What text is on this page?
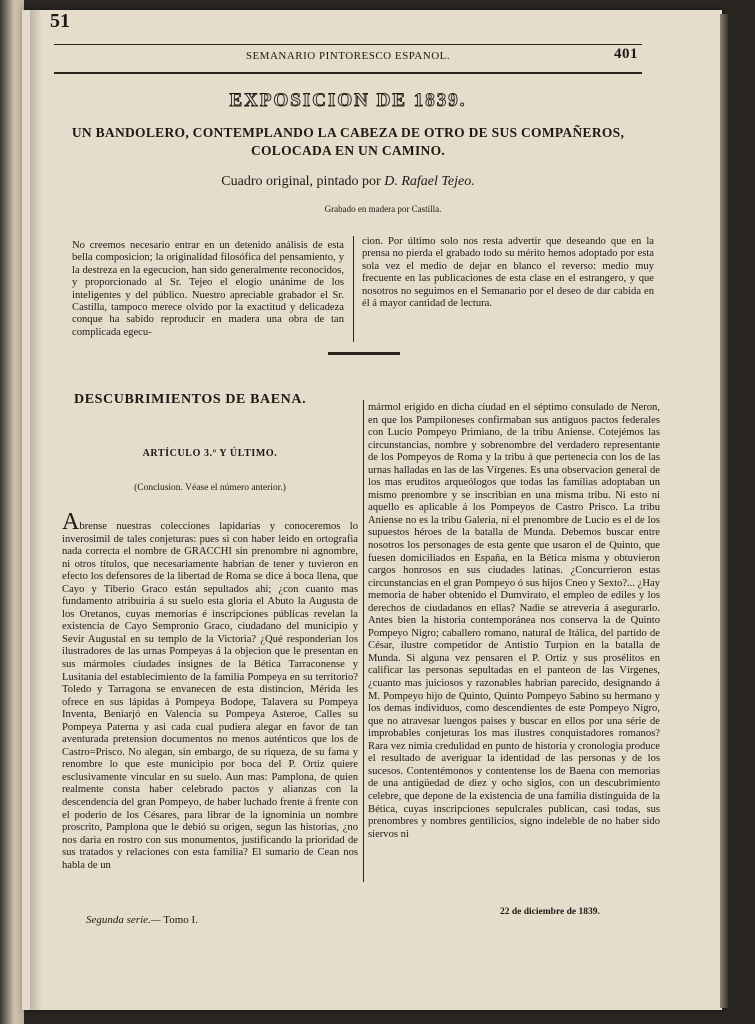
51
SEMANARIO PINTORESCO ESPANOL.	401
EXPOSICION DE 1839.
UN BANDOLERO, CONTEMPLANDO LA CABEZA DE OTRO DE SUS COMPAÑEROS,
COLOCADA EN UN CAMINO.
Cuadro original, pintado por D. Rafael Tejeo.
Grabado en madera por Castilla.
No creemos necesario entrar en un detenido análisis de esta bella composicion; la originalidad filosófica del pensamiento, y la destreza en la egecucion, han sido generalmente reconocidos, y proporcionado al Sr. Tejeo el elogio unánime de los inteligentes y del público. Nuestro apreciable grabador el Sr. Castilla, tampoco merece olvido por la exactitud y delicadeza conque ha sabido reproducir en madera una obra de tan complicada egecu-
cion. Por último solo nos resta advertir que deseando que en la prensa no pierda el grabado todo su mérito hemos adoptado por esta sola vez el medio de dejar en blanco el reverso: medio muy frecuente en las publicaciones de esta clase en el estrangero, y que nosotros no seguimos en el Semanario por el deseo de dar cabida en él á mayor cantidad de lectura.
DESCUBRIMIENTOS DE BAENA.
ARTÍCULO 3.º Y ÚLTIMO.
(Conclusion. Véase el número anterior.)
Abrense nuestras colecciones lapidarias y conoceremos lo inverosimil de tales conjeturas: pues si con haber leido en ortografia nada correcta el nombre de GRACCHI sin prenombre ni agnombre, ni otros títulos, que necesariamente habrian de tener y tuvieron en efecto los defensores de la libertad de Roma se dice á boca llena, que Cayo y Tiberio Graco están sepultados ahí; ¿con cuanto mas fundamento atribuiria á su suelo esta gloria el Abuto la Augusta de los Oretanos, cuyas memorias é inscripciones públicas revelan la existencia de Cayo Sempronio Graco, ciudadano del municipio y Sevir Augustal en su templo de la Victoria? ¿Qué responderian los ilustradores de las urnas Pompeyas á la objecion que le presentan en sus mármoles ciudades insignes de la Bética Tarraconense y Lusitania del establecimiento de la familia Pompeya en su territorio? Toledo y Tarragona se envanecen de esta distincion, Mérida les ofrece en sus lápidas á Pompeya Bodope, Talavera su Pompeya Inventa, Beniarjó en Valencia su Pompeya Asteroe, Calles su Pompeya Paterna y asi cada cual pudiera alegar en favor de tan aventurada pretension documentos no menos auténticos que los de Castro=Prisco. No alegan, sin embargo, de su riqueza, de su fama y renombre lo que este municipio por boca del P. Ortiz quiere esclusivamente vincular en su suelo. Aun mas: Pamplona, de quien realmente consta haber celebrado pactos y alianzas con la descendencia del gran Pompeyo, de haber luchado frente á frente con el poderio de los Césares, para librar de la ignominia un nombre proscrito, Pamplona que le debió su origen, segun las historias, ¿no nos daria en rostro con sus monumentos, justificando la prioridad de sus tratados y relaciones con esta familia? El sumario de Cean nos habla de un
mármol erigido en dicha ciudad en el séptimo consulado de Neron, en que los Pampiloneses confirmaban sus antiguos pactos federales con Lucio Pompeyo Primiano, de la tribu Aniense. Cotejémos las circunstancias, nombre y sobrenombre del verdadero representante de los Pompeyos de Roma y la tribu á que pertenecia con los de las urnas halladas en las de las Vírgenes. Es una observacion general de los mas eruditos arqueólogos que todas las familias adoptaban un mismo prenombre y se inscribian en una misma tribu. Ni esto ni aquello es aplicable á los Pompeyos de Castro Prisco. La tribu Aniense no es la tribu Galeria, ni el prenombre de Lucio es el de los supuestos héroes de la batalla de Munda. Debemos buscar entre nosotros los personages de esta gente que usaron el de Quinto, que fuesen domiciliados en España, en la Bética misma y obtuvieron cargos honrosos en sus ciudades latinas. ¿Concurrieron estas circunstancias en el gran Pompeyo ó sus hijos Cneo y Sexto?... ¿Hay memoria de haber obtenido el Dumvirato, el empleo de ediles y los derechos de ciudadanos en ellas? Nadie se atreveria á asegurarlo. Antes bien la historia contemporánea nos conserva la de Quinto Pompeyo Nigro; caballero romano, natural de Itálica, del partido de César, ilustre competidor de Antistio Turpion en la batalla de Munda. Si alguna vez pensaren el P. Ortiz y sus prosélitos en calificar las personas sepultadas en el panteon de las Vírgenes, ¿cuanto mas juiciosos y razonables habrian parecido, designando á M. Pompeyo hijo de Quinto, Quinto Pompeyo Sabino su hermano y los demas individuos, como descendientes de este Pompeyo Nigro, que no atravesar luengos paises y buscar en ellos por una série de improbables conjeturas los mas ilustres conquistadores romanos? Rara vez nimia credulidad en punto de historia y cronologia produce el resultado de averiguar la identidad de las personas y de los sucesos. Contentémonos y contentense los de Baena con memorias de una antigüedad de diez y ocho siglos, con un descubrimiento celebre, que depone de la existencia de una familia distinguida de la Bética, cuyas inscripciones sepulcrales publican, casi todas, sus prenombres y nombres gentilicios, signo indeleble de no haber sido siervos ni
22 de diciembre de 1839.
Segunda serie.— Tomo I.
